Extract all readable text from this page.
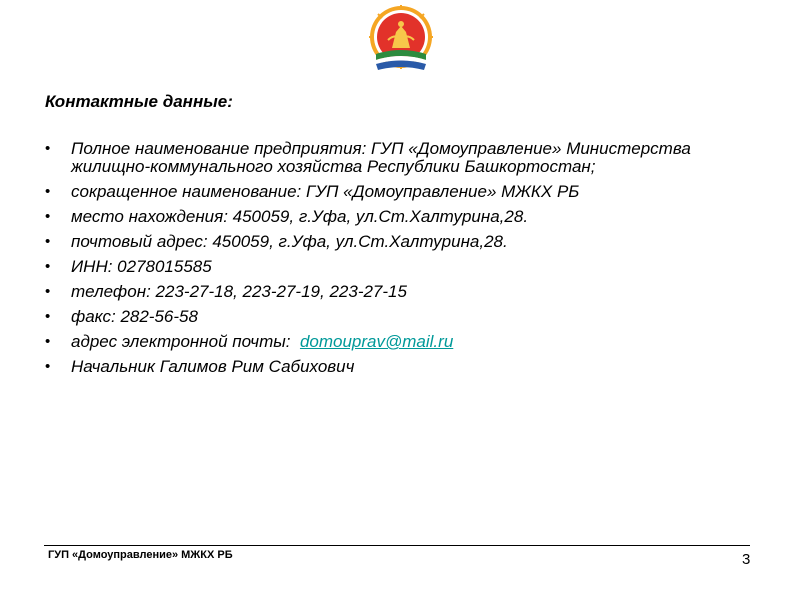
Контактные данные:
• Полное наименование предприятия: ГУП «Домоуправление» Министерства жилищно-коммунального хозяйства Республики Башкортостан;
• сокращенное наименование: ГУП «Домоуправление» МЖКХ РБ
• место нахождения: 450059, г.Уфа, ул.Ст.Халтурина,28.
• почтовый адрес: 450059, г.Уфа, ул.Ст.Халтурина,28.
• ИНН: 0278015585
• телефон: 223-27-18, 223-27-19, 223-27-15
• факс: 282-56-58
• адрес электронной почты:  domouprav@mail.ru
• Начальник Галимов Рим Сабихович
ГУП «Домоуправление» МЖКХ РБ	3
